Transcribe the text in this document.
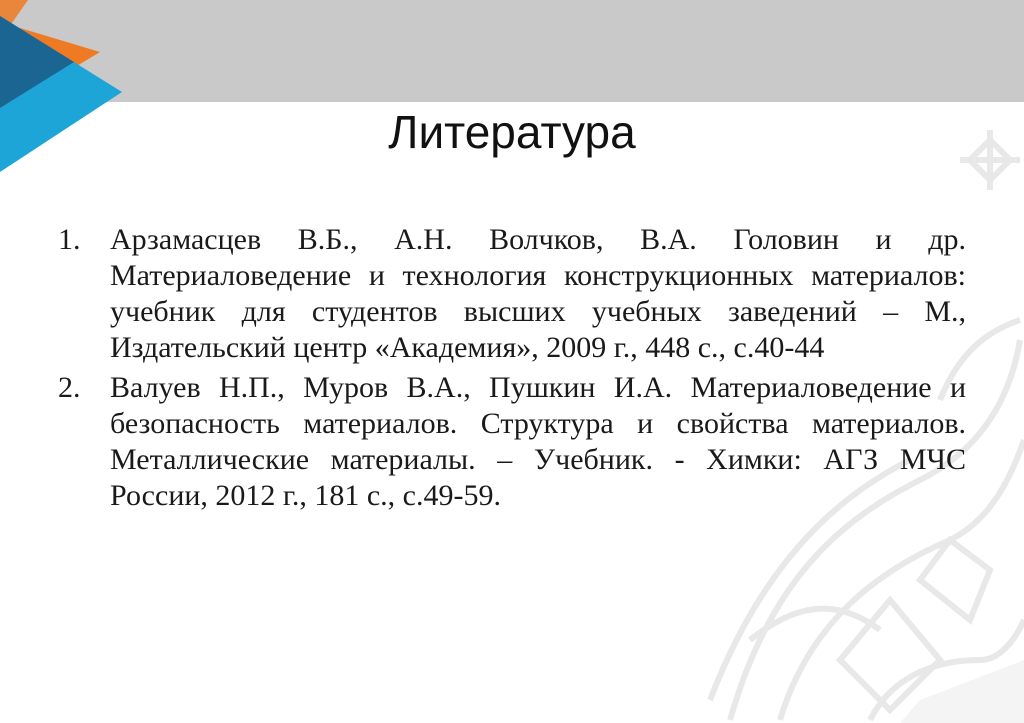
Литература
1. Арзамасцев В.Б., А.Н. Волчков, В.А. Головин и др. Материаловедение и технология конструкционных материалов: учебник для студентов высших учебных заведений – М., Издательский центр «Академия», 2009 г., 448 с., с.40-44
2. Валуев Н.П., Муров В.А., Пушкин И.А. Материаловедение и безопасность материалов. Структура и свойства материалов. Металлические материалы. – Учебник. - Химки: АГЗ МЧС России, 2012 г., 181 с., с.49-59.
